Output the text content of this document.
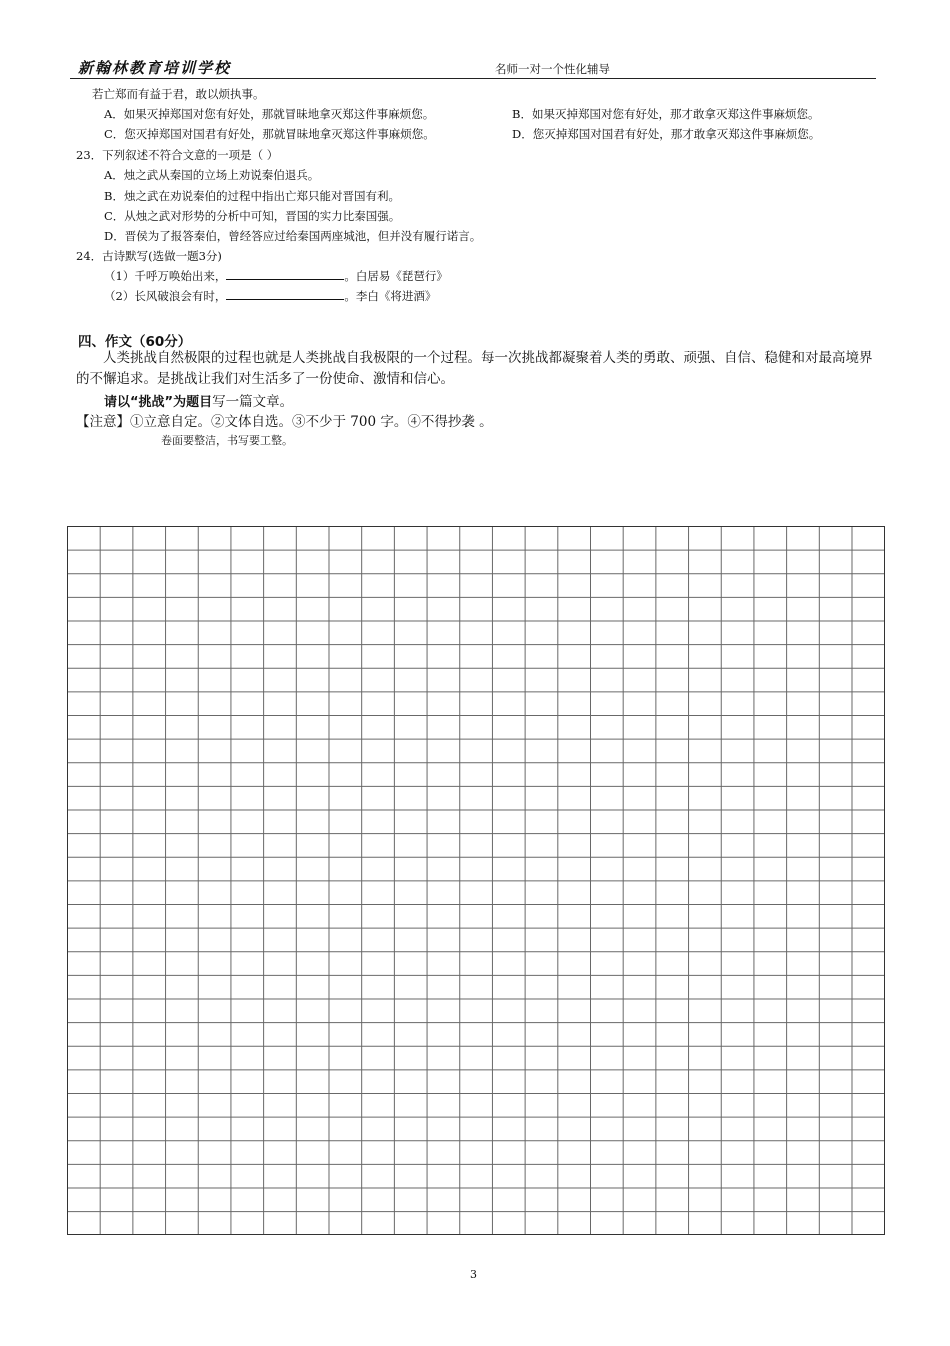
新翰林教育培训学校	名师一对一个性化辅导
若亡郑而有益于君，敢以烦执事。
A．如果灭掉郑国对您有好处，那就冒昧地拿灭郑这件事麻烦您。	B．如果灭掉郑国对您有好处，那才敢拿灭郑这件事麻烦您。
C．您灭掉郑国对国君有好处，那就冒昧地拿灭郑这件事麻烦您。	D．您灭掉郑国对国君有好处，那才敢拿灭郑这件事麻烦您。
23．下列叙述不符合文意的一项是（ ）
A．烛之武从秦国的立场上劝说秦伯退兵。
B．烛之武在劝说秦伯的过程中指出亡郑只能对晋国有利。
C．从烛之武对形势的分析中可知，晋国的实力比秦国强。
D．晋侯为了报答秦伯，曾经答应过给秦国两座城池，但并没有履行诺言。
24．古诗默写(选做一题3分)
（1）千呼万唤始出来，	。白居易《琵琶行》
（2）长风破浪会有时，	。李白《将进酒》
四、作文（60分）
人类挑战自然极限的过程也就是人类挑战自我极限的一个过程。每一次挑战都凝聚着人类的勇敢、顽强、自信、稳健和对最高境界的不懈追求。是挑战让我们对生活多了一份使命、激情和信心。
请以“挑战”为题目写一篇文章。
【注意】①立意自定。②文体自选。③不少于 700 字。④不得抄袭 。
卷面要整洁，书写要工整。
3
